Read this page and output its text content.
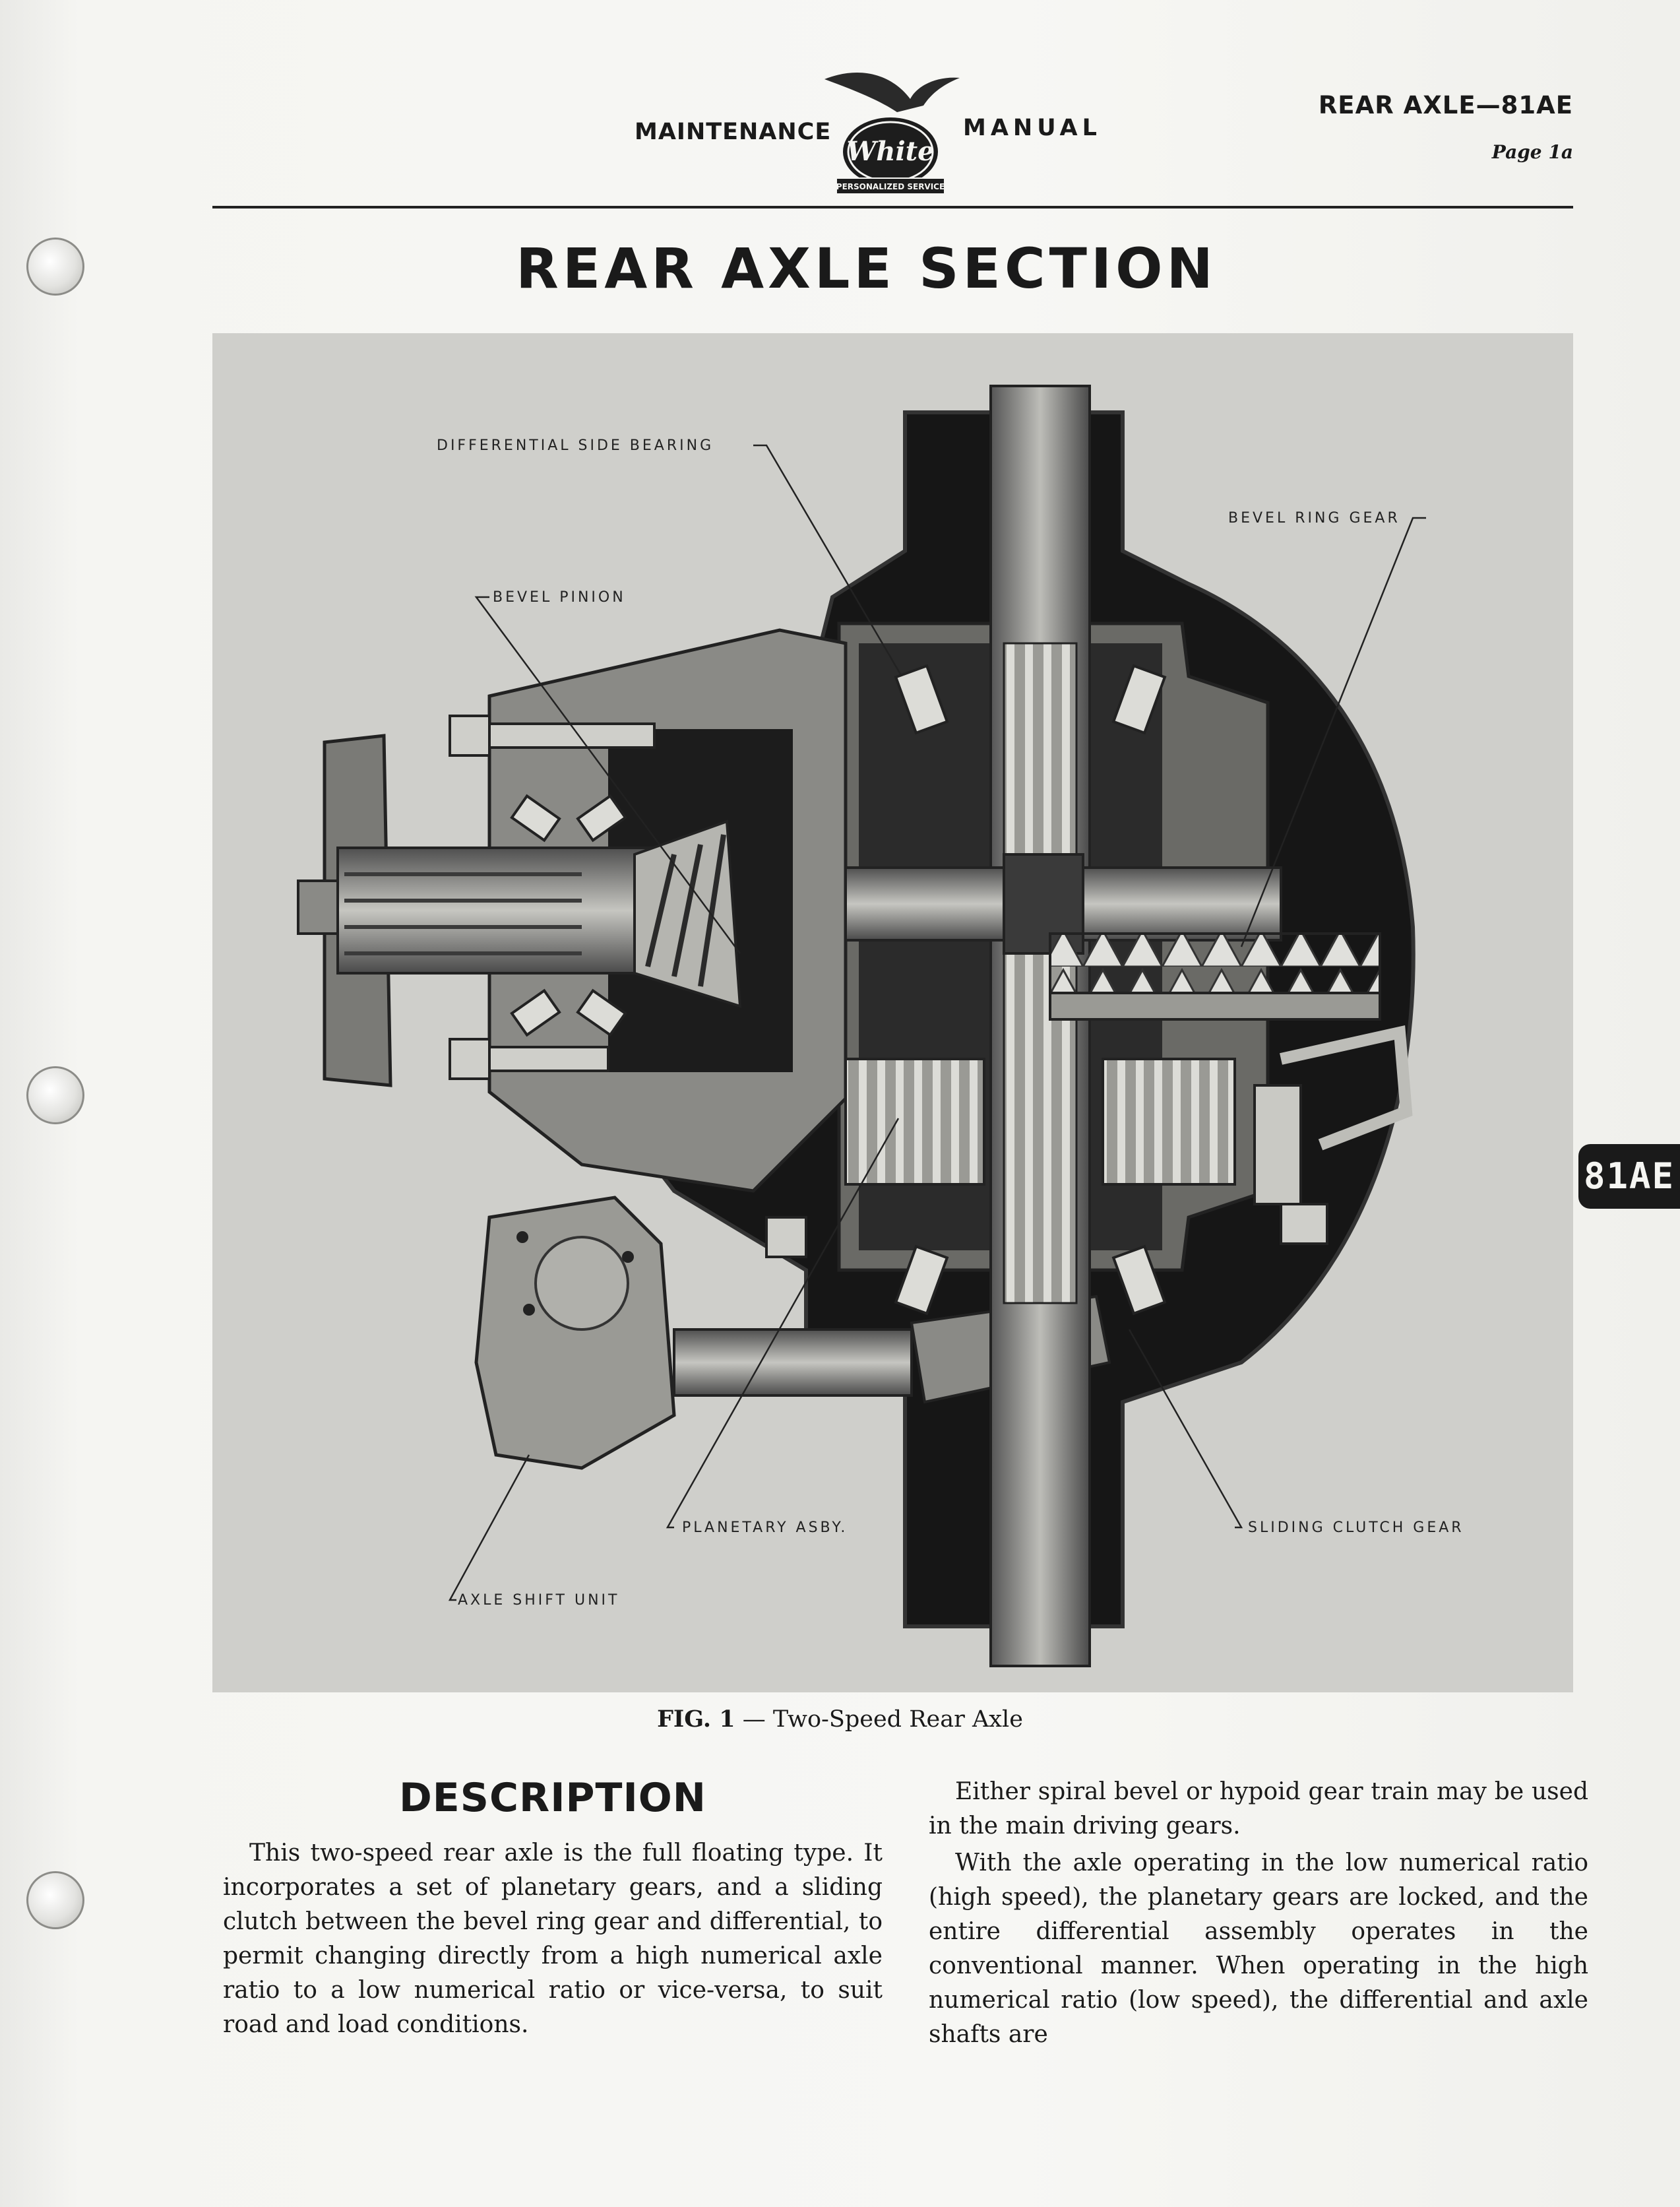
MAINTENANCE
White
PERSONALIZED SERVICE
MANUAL
REAR AXLE—81AE
Page 1a
REAR AXLE SECTION
DIFFERENTIAL SIDE BEARING
BEVEL RING GEAR
BEVEL PINION
PLANETARY ASBY.	SLIDING CLUTCH GEAR
AXLE SHIFT UNIT
FIG. 1 — Two-Speed Rear Axle
81AE
DESCRIPTION

This two-speed rear axle is the full floating type. It incorporates a set of planetary gears, and a sliding clutch between the bevel ring gear and differential, to permit changing directly from a high numerical axle ratio to a low numerical ratio or vice-versa, to suit road and load conditions.

Either spiral bevel or hypoid gear train may be used in the main driving gears.

With the axle operating in the low numerical ratio (high speed), the planetary gears are locked, and the entire differential assembly operates in the conventional manner. When operating in the high numerical ratio (low speed), the differential and axle shafts are
